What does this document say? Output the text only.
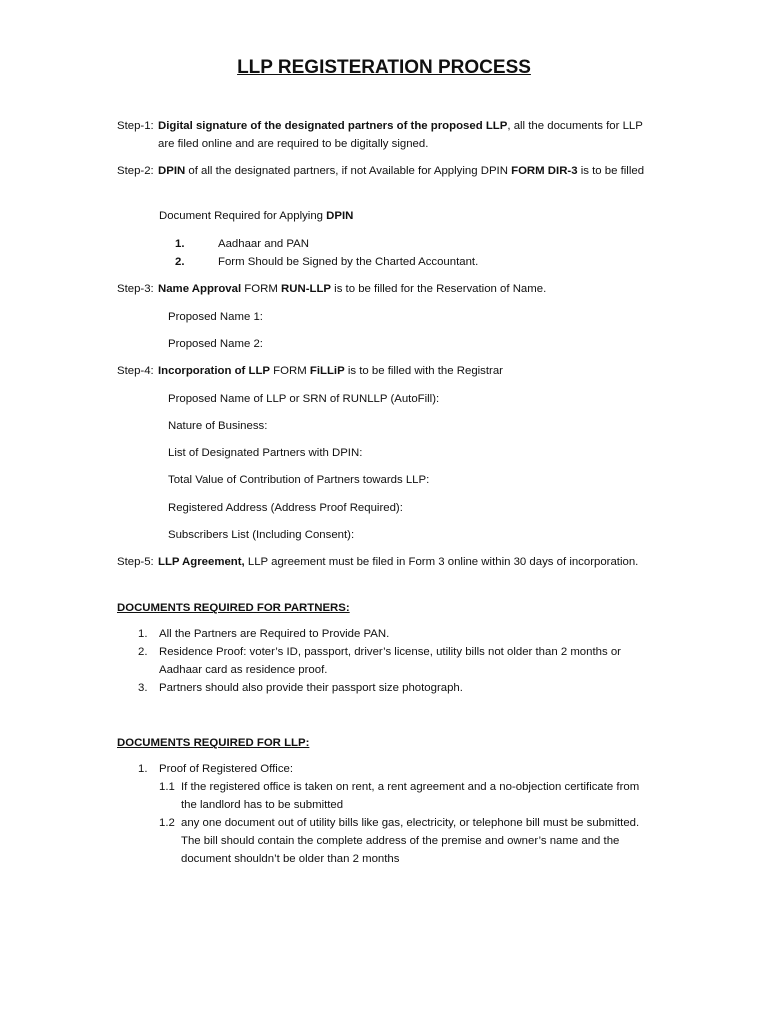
LLP REGISTERATION PROCESS
Step-1: Digital signature of the designated partners of the proposed LLP, all the documents for LLP are filed online and are required to be digitally signed.
Step-2: DPIN of all the designated partners, if not Available for Applying DPIN FORM DIR-3 is to be filled
Document Required for Applying DPIN
1.	Aadhaar and PAN
2.	Form Should be Signed by the Charted Accountant.
Step-3: Name Approval FORM RUN-LLP is to be filled for the Reservation of Name.
Proposed Name 1:
Proposed Name 2:
Step-4: Incorporation of LLP FORM FiLLiP is to be filled with the Registrar
Proposed Name of LLP or SRN of RUNLLP (AutoFill):
Nature of Business:
List of Designated Partners with DPIN:
Total Value of Contribution of Partners towards LLP:
Registered Address (Address Proof Required):
Subscribers List (Including Consent):
Step-5: LLP Agreement, LLP agreement must be filed in Form 3 online within 30 days of incorporation.
DOCUMENTS REQUIRED FOR PARTNERS:
1.	All the Partners are Required to Provide PAN.
2.	Residence Proof: voter’s ID, passport, driver’s license, utility bills not older than 2 months or Aadhaar card as residence proof.
3.	Partners should also provide their passport size photograph.
DOCUMENTS REQUIRED FOR LLP:
1.	Proof of Registered Office:
1.1 If the registered office is taken on rent, a rent agreement and a no-objection certificate from the landlord has to be submitted
1.2 any one document out of utility bills like gas, electricity, or telephone bill must be submitted. The bill should contain the complete address of the premise and owner’s name and the document shouldn’t be older than 2 months
